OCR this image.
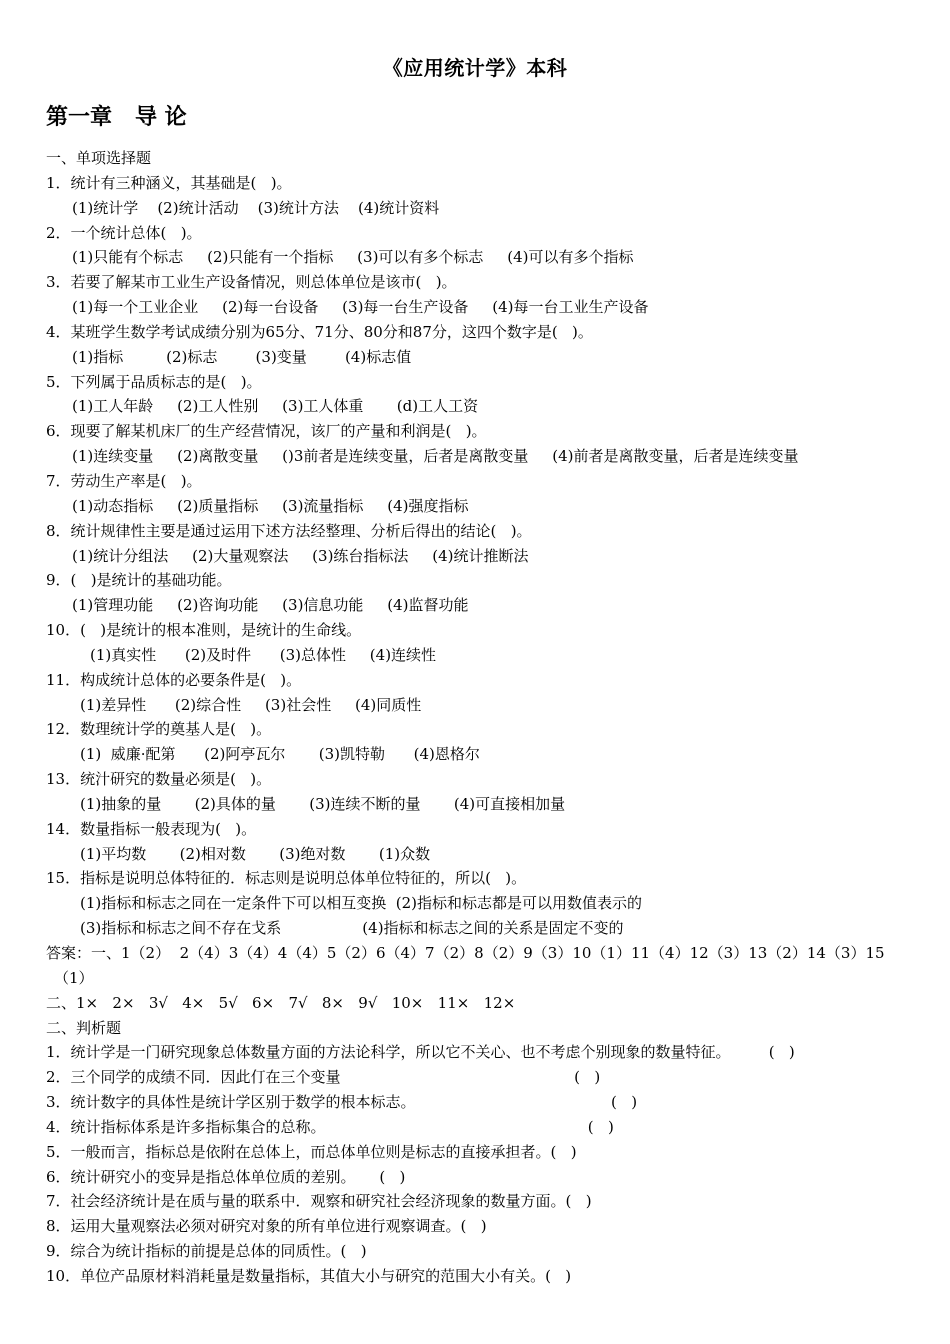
《应用统计学》本科
第一章   导 论
一、单项选择题
1．统计有三种涵义，其基础是(   )。
(1)统计学    (2)统计活动    (3)统计方法    (4)统计资料
2．一个统计总体(   )。
(1)只能有个标志     (2)只能有一个指标     (3)可以有多个标志     (4)可以有多个指标
3．若要了解某市工业生产设备情况，则总体单位是该市(   )。
(1)每一个工业企业     (2)每一台设备     (3)每一台生产设备     (4)每一台工业生产设备
4．某班学生数学考试成绩分别为65分、71分、80分和87分，这四个数字是(   )。
(1)指标         (2)标志        (3)变量        (4)标志值
5．下列属于品质标志的是(   )。
(1)工人年龄     (2)工人性别     (3)工人体重       (d)工人工资
6．现要了解某机床厂的生产经营情况，该厂的产量和利润是(   )。
(1)连续变量     (2)离散变量     ()3前者是连续变量，后者是离散变量     (4)前者是离散变量，后者是连续变量
7．劳动生产率是(   )。
(1)动态指标     (2)质量指标     (3)流量指标     (4)强度指标
8．统计规律性主要是通过运用下述方法经整理、分析后得出的结论(   )。
(1)统计分组法     (2)大量观察法     (3)练台指标法     (4)统计推断法
9．(   )是统计的基础功能。
(1)管理功能     (2)咨询功能     (3)信息功能     (4)监督功能
10．(   )是统计的根本准则，是统计的生命线。
(1)真实性      (2)及时件      (3)总体性     (4)连续性
11．构成统计总体的必要条件是(   )。
(1)差异性      (2)综合性     (3)社会性     (4)同质性
12．数理统计学的奠基人是(   )。
(1)  威廉·配第      (2)阿亭瓦尔       (3)凯特勒      (4)恩格尔
13．统汁研究的数量必须是(   )。
(1)抽象的量       (2)具体的量       (3)连续不断的量       (4)可直接相加量
14．数量指标一般表现为(   )。
(1)平均数       (2)相对数       (3)绝对数       (1)众数
15．指标是说明总体特征的．标志则是说明总体单位特征的，所以(   )。
(1)指标和标志之同在一定条件下可以相互变换  (2)指标和标志都是可以用数值表示的
(3)指标和标志之间不存在戈系                 (4)指标和标志之间的关系是固定不变的
答案：一、1（2）  2（4）3（4）4（4）5（2）6（4）7（2）8（2）9（3）10（1）11（4）12（3）13（2）14（3）15
（1）
二、1×   2×   3√   4×   5√   6×   7√   8×   9√   10×   11×   12×
二、判析题
1．统计学是一门研究现象总体数量方面的方法论科学，所以它不关心、也不考虑个别现象的数量特征。        (   )
2．三个同学的成绩不同．因此仃在三个变量                                                 (   )
3．统计数字的具体性是统计学区别于数学的根本标志。                                         (   )
4．统计指标体系是许多指标集合的总称。                                                       (   )
5．一般而言，指标总是依附在总体上，而总体单位则是标志的直接承担者。(   )
6．统计研究小的变异是指总体单位质的差别。     (   )
7．社会经济统计是在质与量的联系中．观察和研究社会经济现象的数量方面。(   )
8．运用大量观察法必须对研究对象的所有单位进行观察调查。(   )
9．综合为统计指标的前提是总体的同质性。(   )
10．单位产品原材料消耗量是数量指标，其值大小与研究的范围大小有关。(   )
